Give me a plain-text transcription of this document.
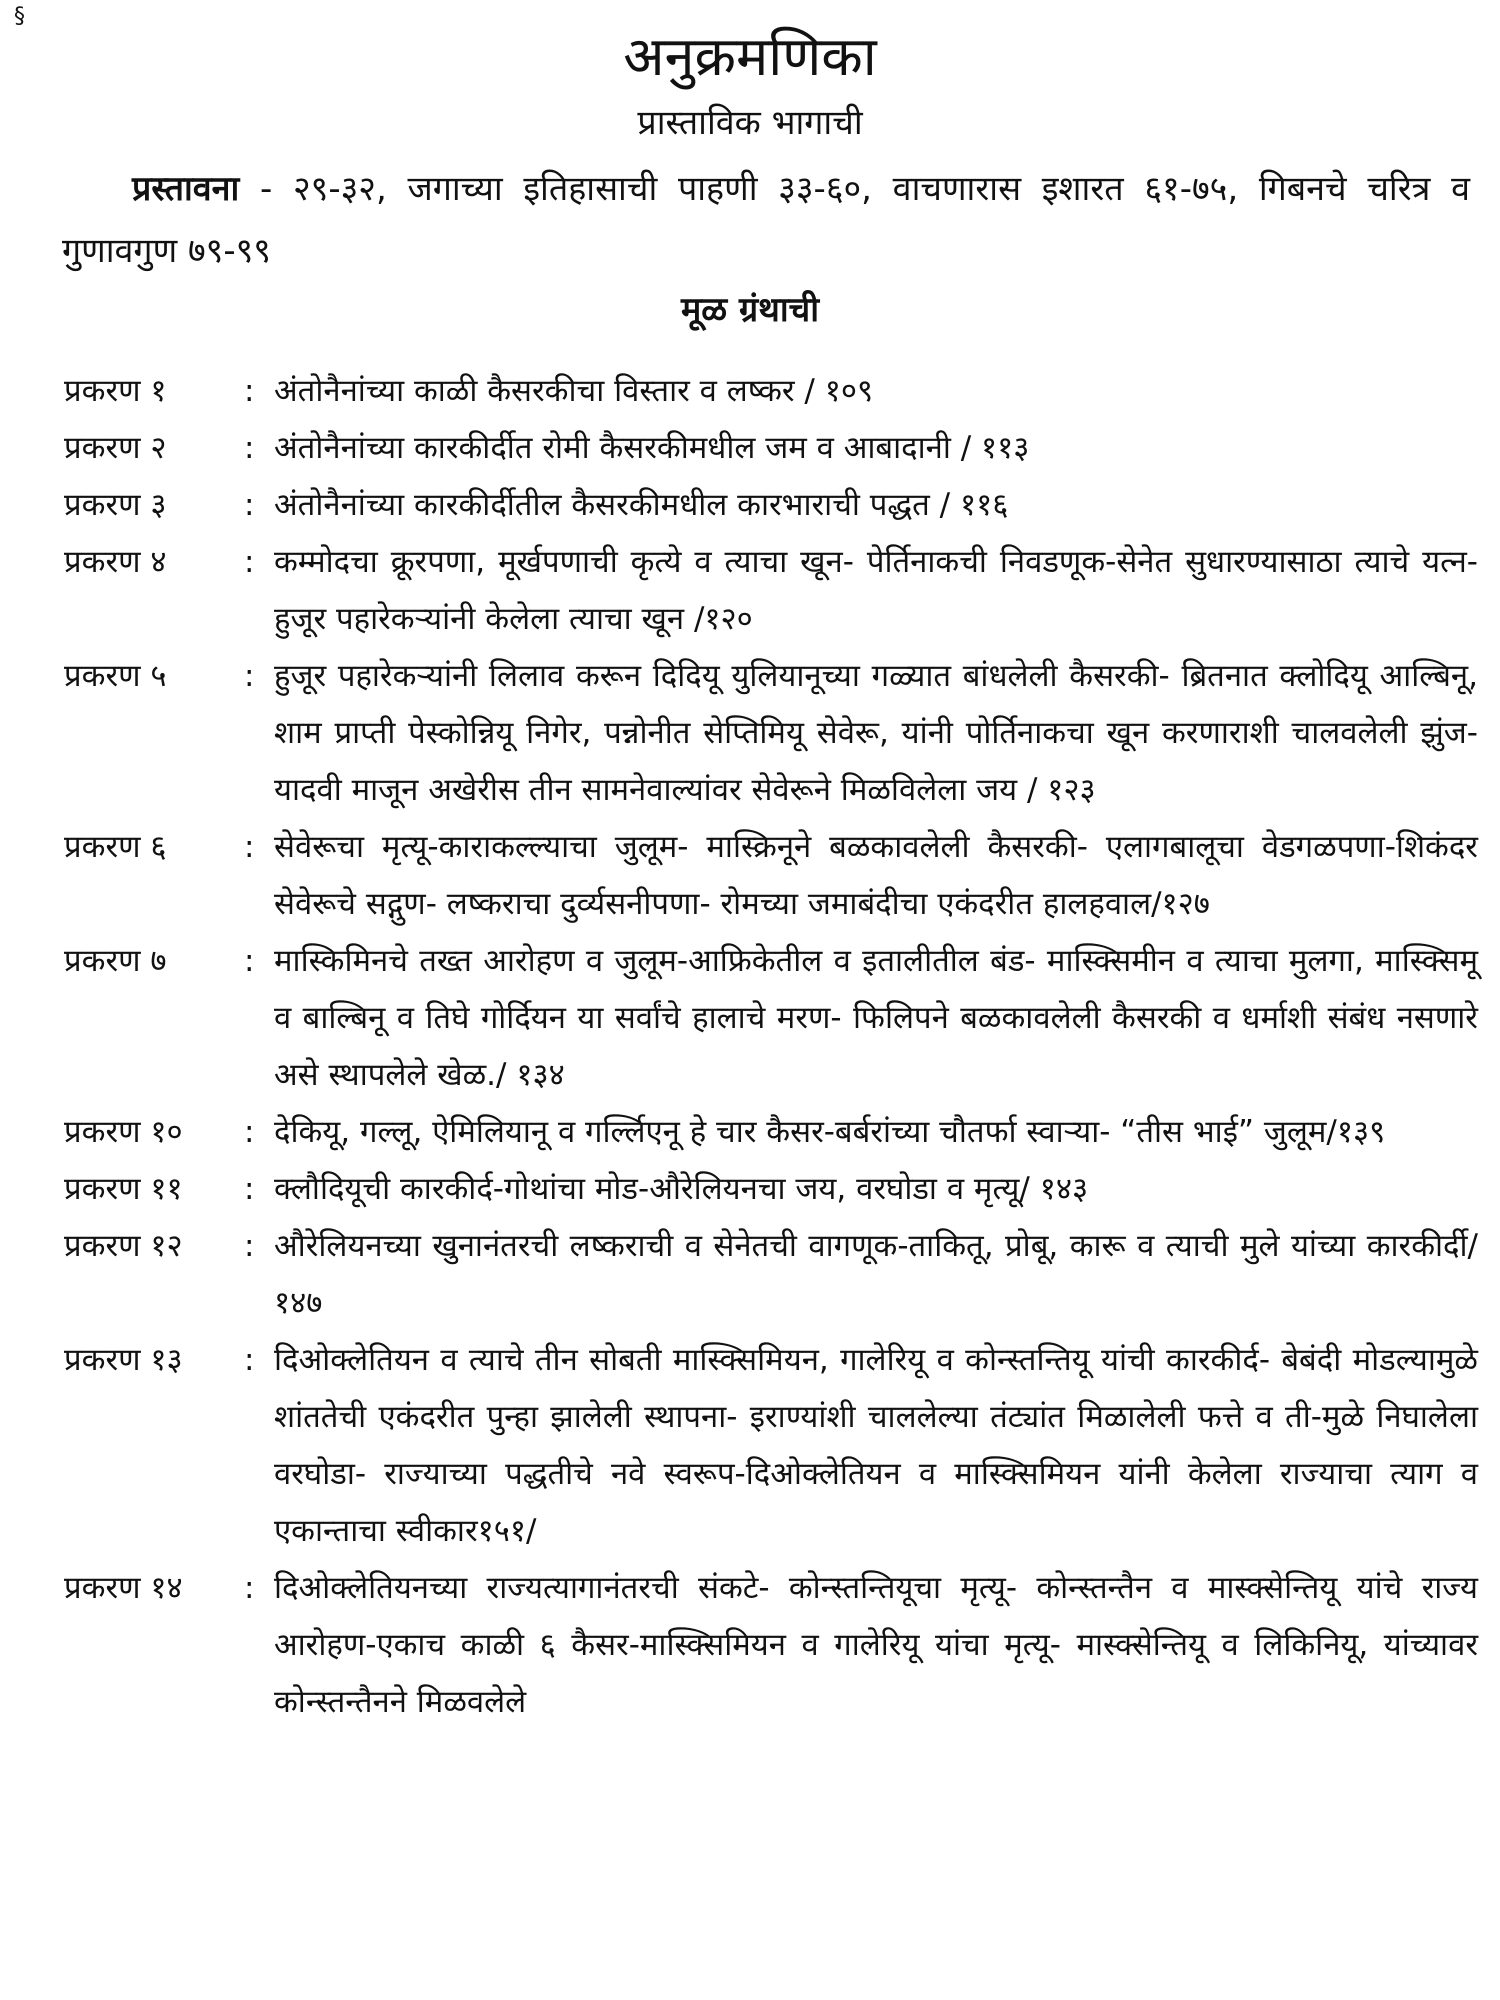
§
अनुक्रमणिका
प्रास्ताविक भागाची
प्रस्तावना - २९-३२, जगाच्या इतिहासाची पाहणी ३३-६०, वाचणारास इशारत ६१-७५, गिबनचे चरित्र व गुणावगुण ७९-९९
मूळ ग्रंथाची
प्रकरण १	: अंतोनैनांच्या काळी कैसरकीचा विस्तार व लष्कर / १०९
प्रकरण २	: अंतोनैनांच्या कारकीर्दीत रोमी कैसरकीमधील जम व आबादानी / ११३
प्रकरण ३	: अंतोनैनांच्या कारकीर्दीतील कैसरकीमधील कारभाराची पद्धत / ११६
प्रकरण ४	: कम्मोदचा क्रूरपणा, मूर्खपणाची कृत्ये व त्याचा खून- पेर्तिनाकची निवडणूक-सेनेत सुधारण्यासाठा त्याचे यत्न- हुजूर पहारेकऱ्यांनी केलेला त्याचा खून /१२०
प्रकरण ५	: हुजूर पहारेकऱ्यांनी लिलाव करून दिदियू युलियानूच्या गळ्यात बांधलेली कैसरकी- ब्रितनात क्लोदियू आल्बिनू, शाम प्राप्ती पेस्कोन्नियू निगेर, पन्नोनीत सेप्तिमियू सेवेरू, यांनी पोर्तिनाकचा खून करणाराशी चालवलेली झुंज-यादवी माजून अखेरीस तीन सामनेवाल्यांवर सेवेरूने मिळविलेला जय / १२३
प्रकरण ६	: सेवेरूचा मृत्यू-काराकल्ल्याचा जुलूम- मास्क्रिनूने बळकावलेली कैसरकी- एलागबालूचा वेडगळपणा-शिकंदर सेवेरूचे सद्गुण- लष्कराचा दुर्व्यसनीपणा- रोमच्या जमाबंदीचा एकंदरीत हालहवाल/१२७
प्रकरण ७	: मास्किमिनचे तख्त आरोहण व जुलूम-आफ्रिकेतील व इतालीतील बंड- मास्क्सिमीन व त्याचा मुलगा, मास्क्सिमू व बाल्बिनू व तिघे गोर्दियन या सर्वांचे हालाचे मरण- फिलिपने बळकावलेली कैसरकी व धर्माशी संबंध नसणारे असे स्थापलेले खेळ./ १३४
प्रकरण १०	: देकियू, गल्लू, ऐमिलियानू व गर्ल्लिएनू हे चार कैसर-बर्बरांच्या चौतर्फा स्वाऱ्या- “तीस भाई” जुलूम/१३९
प्रकरण ११	: क्लौदियूची कारकीर्द-गोथांचा मोड-औरेलियनचा जय, वरघोडा व मृत्यू/ १४३
प्रकरण १२	: औरेलियनच्या खुनानंतरची लष्कराची व सेनेतची वागणूक-ताकितू, प्रोबू, कारू व त्याची मुले यांच्या कारकीर्दी/१४७
प्रकरण १३	: दिओक्लेतियन व त्याचे तीन सोबती मास्क्सिमियन, गालेरियू व कोन्स्तन्तियू यांची कारकीर्द- बेबंदी मोडल्यामुळे शांततेची एकंदरीत पुन्हा झालेली स्थापना- इराण्यांशी चाललेल्या तंट्यांत मिळालेली फत्ते व ती-मुळे निघालेला वरघोडा- राज्याच्या पद्धतीचे नवे स्वरूप-दिओक्लेतियन व मास्क्सिमियन यांनी केलेला राज्याचा त्याग व एकान्ताचा स्वीकार१५१/
प्रकरण १४	: दिओक्लेतियनच्या राज्यत्यागानंतरची संकटे- कोन्स्तन्तियूचा मृत्यू- कोन्स्तन्तैन व मास्क्सेन्तियू यांचे राज्य आरोहण-एकाच काळी ६ कैसर-मास्क्सिमियन व गालेरियू यांचा मृत्यू- मास्क्सेन्तियू व लिकिनियू, यांच्यावर कोन्स्तन्तैनने मिळवलेले
